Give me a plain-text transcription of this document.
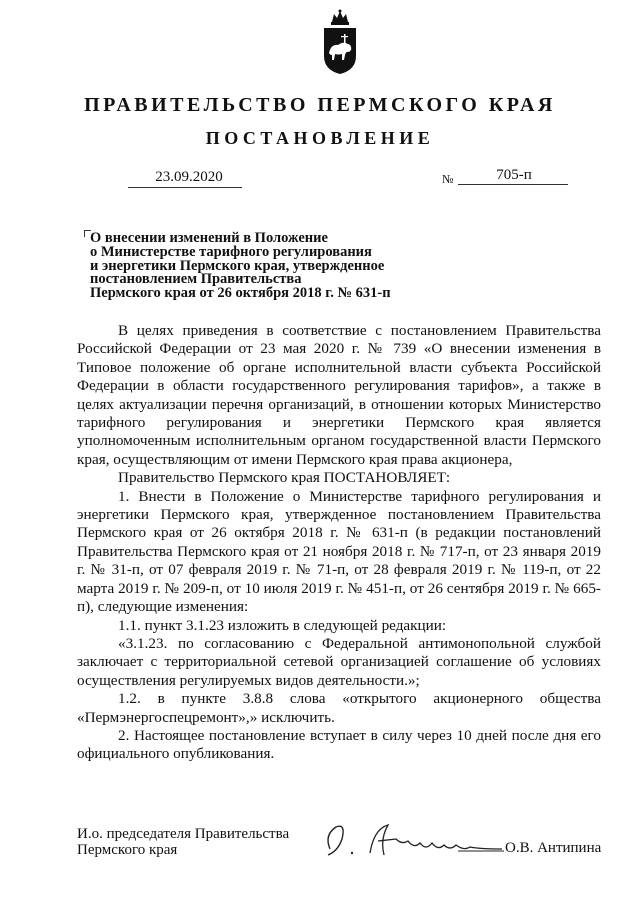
ПРАВИТЕЛЬСТВО ПЕРМСКОГО КРАЯ
ПОСТАНОВЛЕНИЕ
23.09.2020	№	705-п
О внесении изменений в Положение
о Министерстве тарифного регулирования
и энергетики Пермского края, утвержденное
постановлением Правительства
Пермского края от 26 октября 2018 г. № 631-п

В целях приведения в соответствие с постановлением Правительства Российской Федерации от 23 мая 2020 г. № 739 «О внесении изменения в Типовое положение об органе исполнительной власти субъекта Российской Федерации в области государственного регулирования тарифов», а также в целях актуализации перечня организаций, в отношении которых Министерство тарифного регулирования и энергетики Пермского края является уполномоченным исполнительным органом государственной власти Пермского края, осуществляющим от имени Пермского края права акционера,

Правительство Пермского края ПОСТАНОВЛЯЕТ:

1. Внести в Положение о Министерстве тарифного регулирования и энергетики Пермского края, утвержденное постановлением Правительства Пермского края от 26 октября 2018 г. № 631-п (в редакции постановлений Правительства Пермского края от 21 ноября 2018 г. № 717-п, от 23 января 2019 г. № 31-п, от 07 февраля 2019 г. № 71-п, от 28 февраля 2019 г. № 119-п, от 22 марта 2019 г. № 209-п, от 10 июля 2019 г. № 451-п, от 26 сентября 2019 г. № 665-п), следующие изменения:

1.1. пункт 3.1.23 изложить в следующей редакции:

«3.1.23. по согласованию с Федеральной антимонопольной службой заключает с территориальной сетевой организацией соглашение об условиях осуществления регулируемых видов деятельности.»;

1.2. в пункте 3.8.8 слова «открытого акционерного общества «Пермэнергоспецремонт»,» исключить.

2. Настоящее постановление вступает в силу через 10 дней после дня его официального опубликования.

И.о. председателя Правительства
Пермского края	О.В. Антипина
